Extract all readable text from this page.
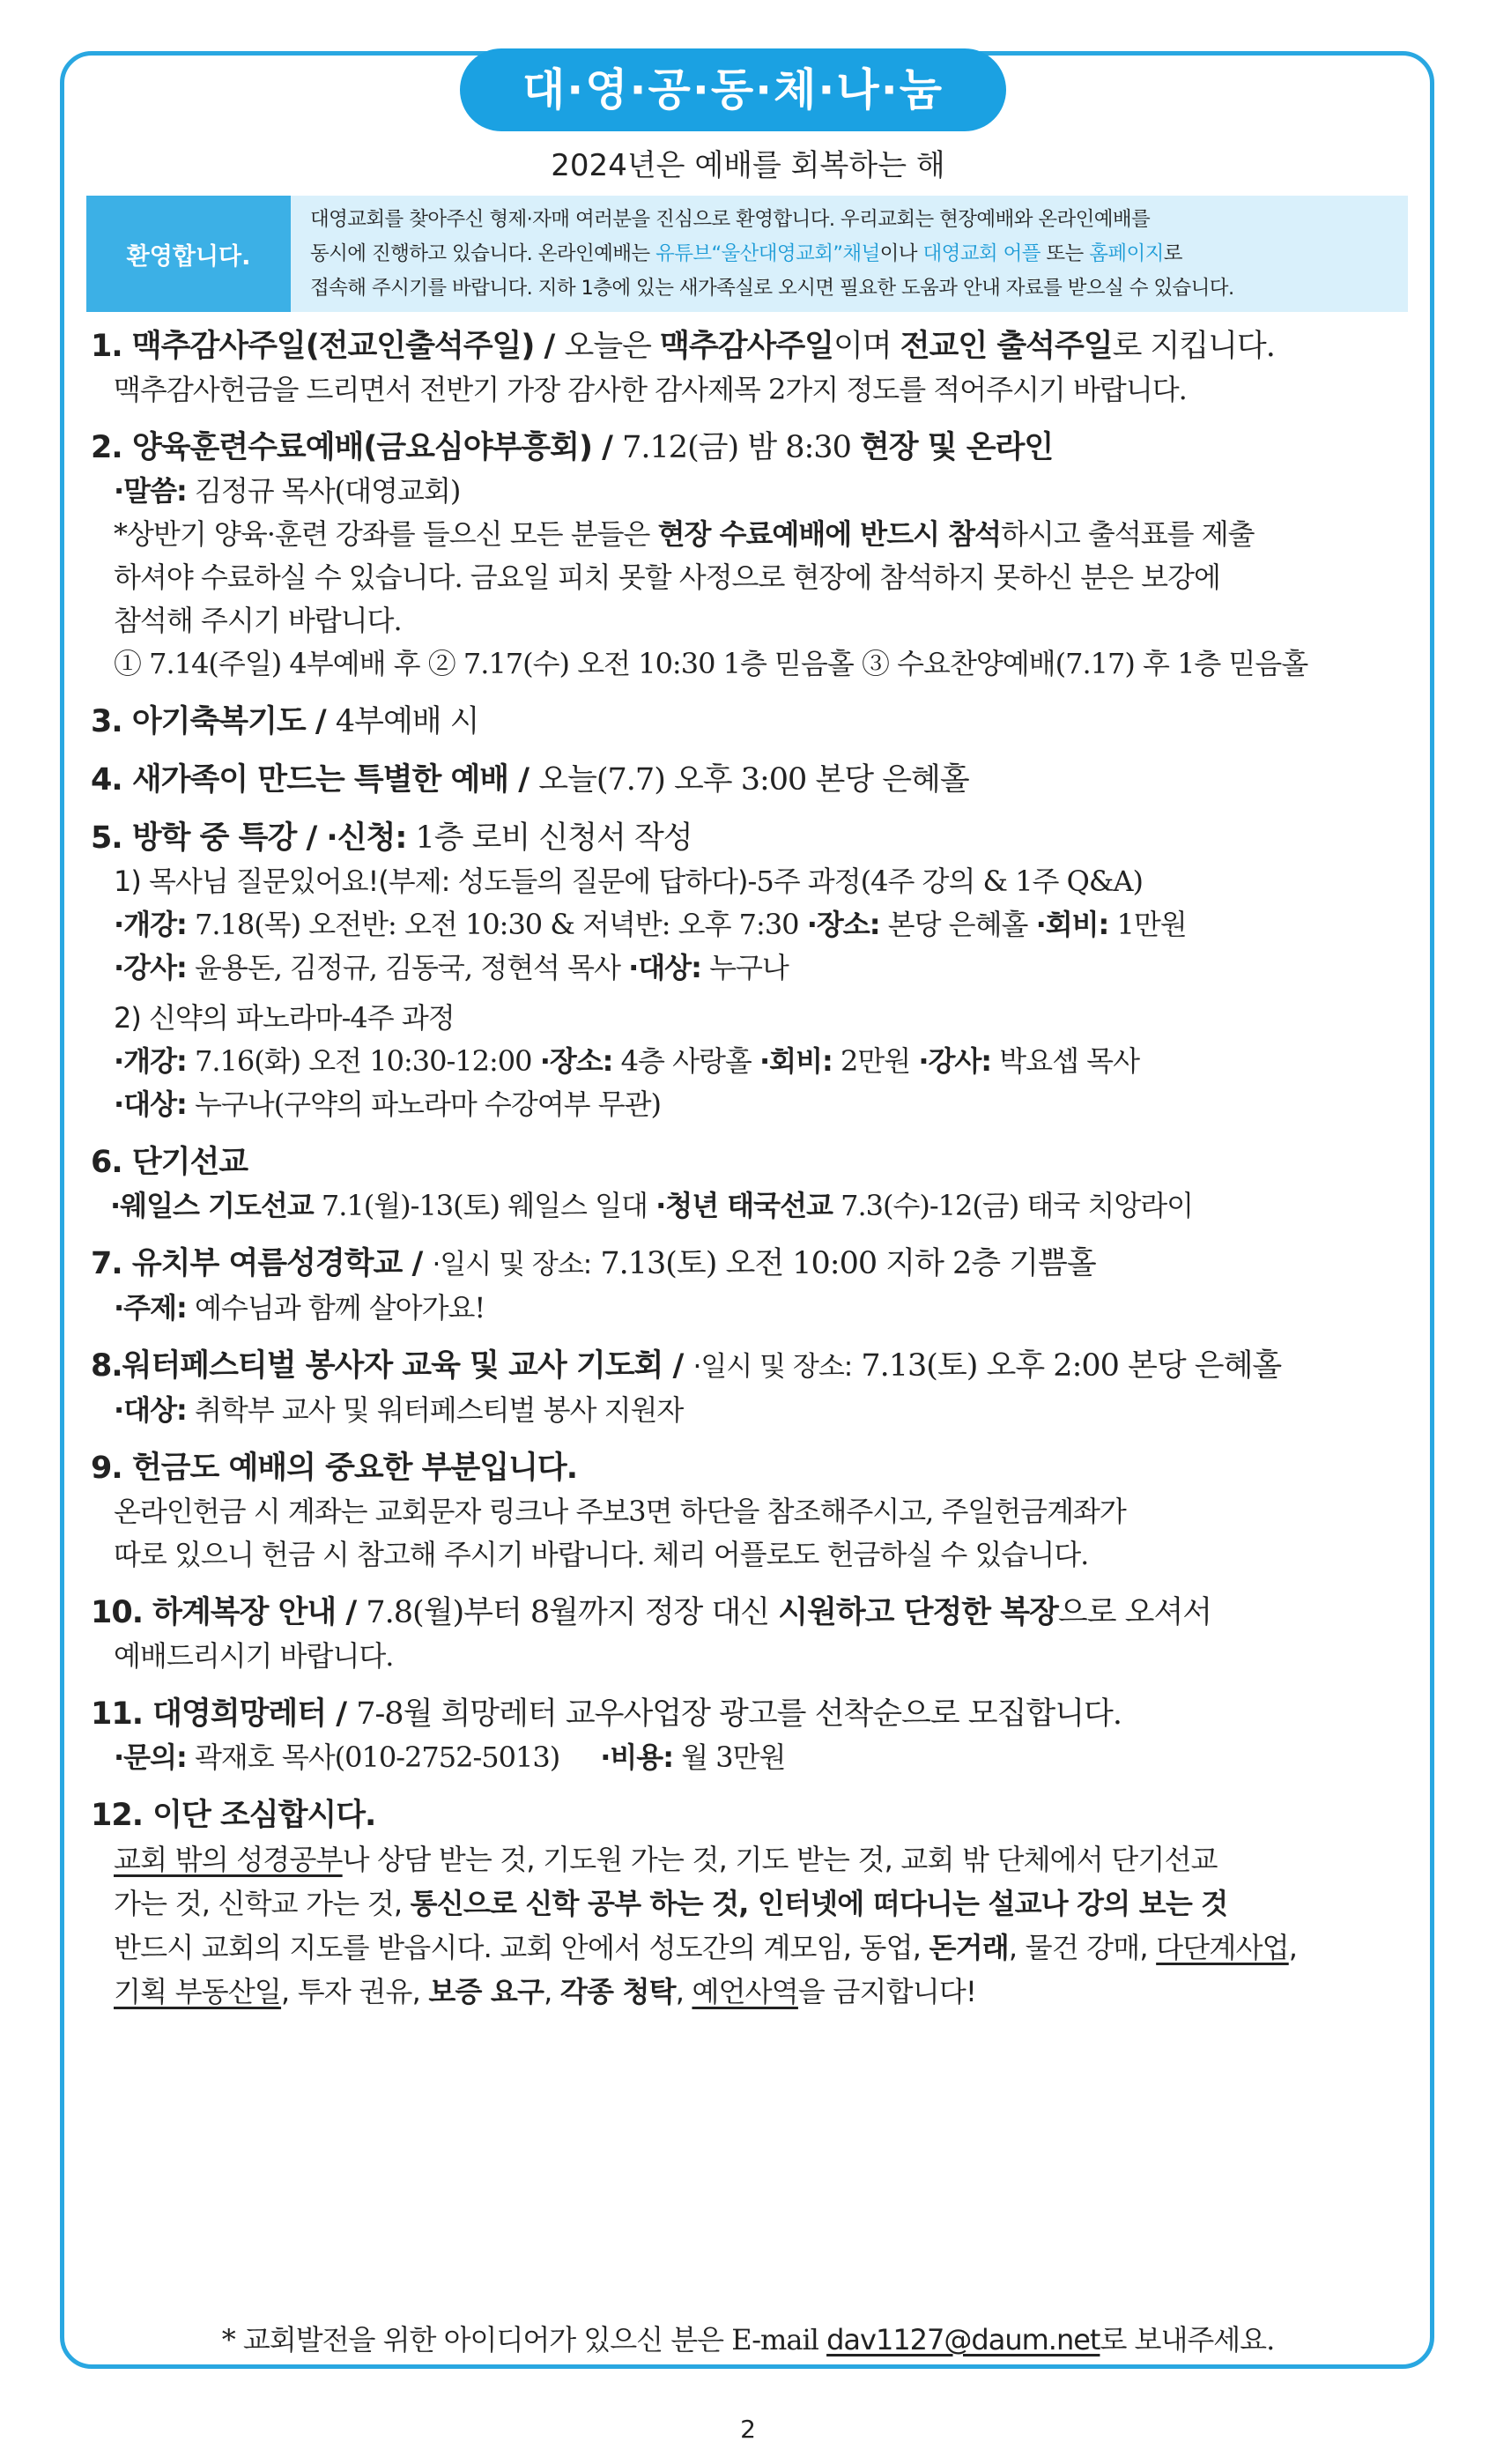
대·영·공·동·체·나·눔
2024년은 예배를 회복하는 해
환영합니다.
대영교회를 찾아주신 형제·자매 여러분을 진심으로 환영합니다. 우리교회는 현장예배와 온라인예배를
동시에 진행하고 있습니다. 온라인예배는 유튜브“울산대영교회”채널이나 대영교회 어플 또는 홈페이지로
접속해 주시기를 바랍니다. 지하 1층에 있는 새가족실로 오시면 필요한 도움과 안내 자료를 받으실 수 있습니다.
1. 맥추감사주일(전교인출석주일) / 오늘은 맥추감사주일이며 전교인 출석주일로 지킵니다.
맥추감사헌금을 드리면서 전반기 가장 감사한 감사제목 2가지 정도를 적어주시기 바랍니다.
2. 양육훈련수료예배(금요심야부흥회) / 7.12(금) 밤 8:30 현장 및 온라인
·말씀: 김정규 목사(대영교회)
*상반기 양육·훈련 강좌를 들으신 모든 분들은 현장 수료예배에 반드시 참석하시고 출석표를 제출
하셔야 수료하실 수 있습니다. 금요일 피치 못할 사정으로 현장에 참석하지 못하신 분은 보강에
참석해 주시기 바랍니다.
① 7.14(주일) 4부예배 후 ② 7.17(수) 오전 10:30 1층 믿음홀 ③ 수요찬양예배(7.17) 후 1층 믿음홀
3. 아기축복기도 / 4부예배 시
4. 새가족이 만드는 특별한 예배 / 오늘(7.7) 오후 3:00 본당 은혜홀
5. 방학 중 특강 / ·신청: 1층 로비 신청서 작성
1) 목사님 질문있어요!(부제: 성도들의 질문에 답하다)-5주 과정(4주 강의 & 1주 Q&A)
·개강: 7.18(목) 오전반: 오전 10:30 & 저녁반: 오후 7:30 ·장소: 본당 은혜홀 ·회비: 1만원
·강사: 윤용돈, 김정규, 김동국, 정현석 목사 ·대상: 누구나
2) 신약의 파노라마-4주 과정
·개강: 7.16(화) 오전 10:30-12:00 ·장소: 4층 사랑홀 ·회비: 2만원 ·강사: 박요셉 목사
·대상: 누구나(구약의 파노라마 수강여부 무관)
6. 단기선교
·웨일스 기도선교 7.1(월)-13(토) 웨일스 일대 ·청년 태국선교 7.3(수)-12(금) 태국 치앙라이
7. 유치부 여름성경학교 / ·일시 및 장소: 7.13(토) 오전 10:00 지하 2층 기쁨홀
·주제: 예수님과 함께 살아가요!
8.워터페스티벌 봉사자 교육 및 교사 기도회 / ·일시 및 장소: 7.13(토) 오후 2:00 본당 은혜홀
·대상: 취학부 교사 및 워터페스티벌 봉사 지원자
9. 헌금도 예배의 중요한 부분입니다.
온라인헌금 시 계좌는 교회문자 링크나 주보3면 하단을 참조해주시고, 주일헌금계좌가
따로 있으니 헌금 시 참고해 주시기 바랍니다. 체리 어플로도 헌금하실 수 있습니다.
10. 하계복장 안내 / 7.8(월)부터 8월까지 정장 대신 시원하고 단정한 복장으로 오셔서
예배드리시기 바랍니다.
11. 대영희망레터 / 7-8월 희망레터 교우사업장 광고를 선착순으로 모집합니다.
·문의: 곽재호 목사(010-2752-5013) ·비용: 월 3만원
12. 이단 조심합시다.
교회 밖의 성경공부나 상담 받는 것, 기도원 가는 것, 기도 받는 것, 교회 밖 단체에서 단기선교
가는 것, 신학교 가는 것, 통신으로 신학 공부 하는 것, 인터넷에 떠다니는 설교나 강의 보는 것
반드시 교회의 지도를 받읍시다. 교회 안에서 성도간의 계모임, 동업, 돈거래, 물건 강매, 다단계사업,
기획 부동산일, 투자 권유, 보증 요구, 각종 청탁, 예언사역을 금지합니다!
* 교회발전을 위한 아이디어가 있으신 분은 E-mail dav1127@daum.net로 보내주세요.
2
